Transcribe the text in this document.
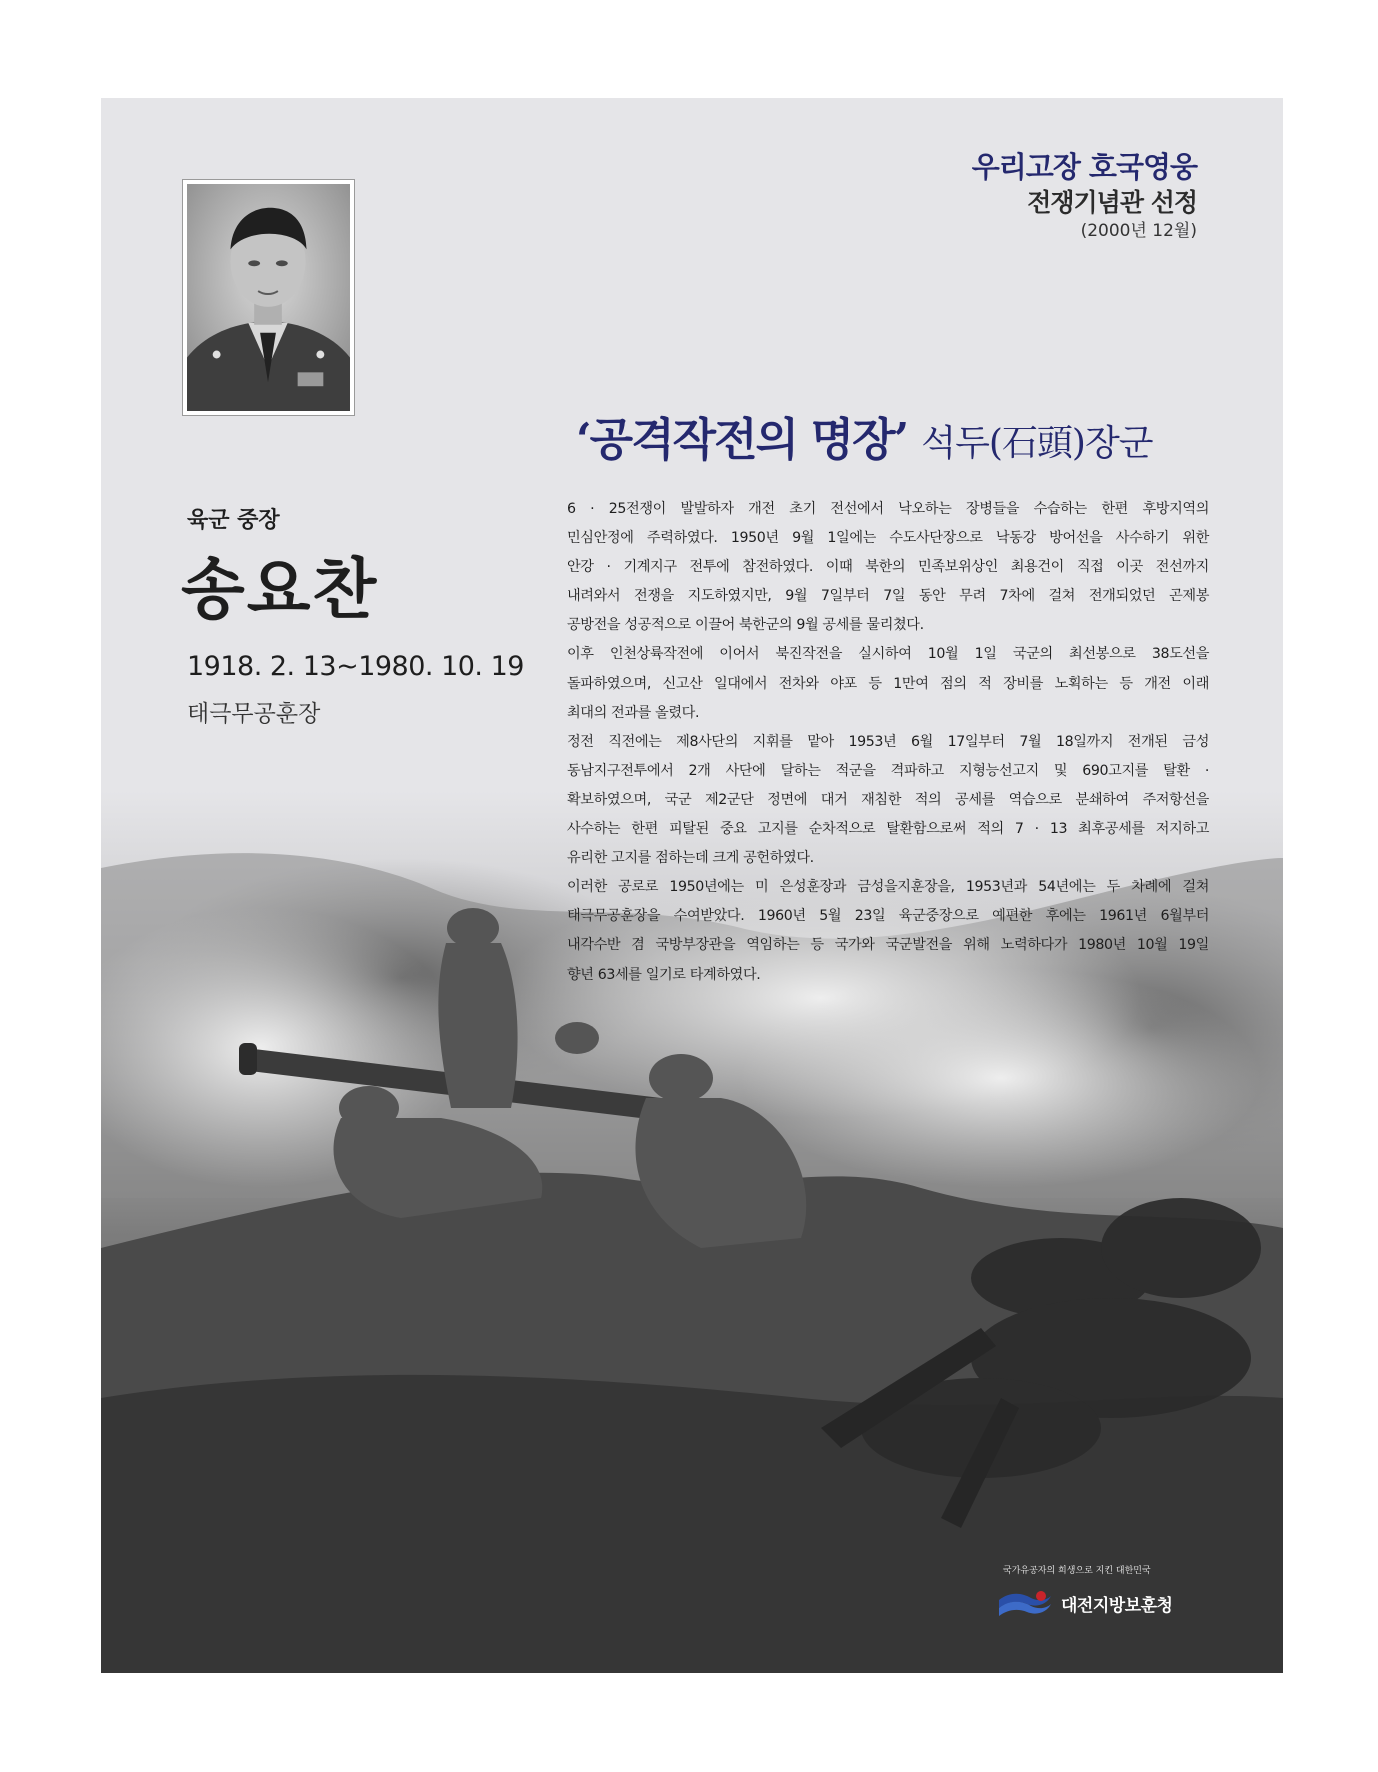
우리고장 호국영웅
전쟁기념관 선정
(2000년 12월)
‘공격작전의 명장’ 석두(石頭)장군
육군 중장
송요찬
1918. 2. 13~1980. 10. 19
태극무공훈장
6 · 25전쟁이 발발하자 개전 초기 전선에서 낙오하는 장병들을 수습하는 한편 후방지역의
민심안정에 주력하였다. 1950년 9월 1일에는 수도사단장으로 낙동강 방어선을 사수하기 위한
안강 · 기계지구 전투에 참전하였다. 이때 북한의 민족보위상인 최용건이 직접 이곳 전선까지
내려와서 전쟁을 지도하였지만, 9월 7일부터 7일 동안 무려 7차에 걸쳐 전개되었던 곤제봉
공방전을 성공적으로 이끌어 북한군의 9월 공세를 물리쳤다.
이후 인천상륙작전에 이어서 북진작전을 실시하여 10월 1일 국군의 최선봉으로 38도선을
돌파하였으며, 신고산 일대에서 전차와 야포 등 1만여 점의 적 장비를 노획하는 등 개전 이래
최대의 전과를 올렸다.
정전 직전에는 제8사단의 지휘를 맡아 1953년 6월 17일부터 7월 18일까지 전개된 금성
동남지구전투에서 2개 사단에 달하는 적군을 격파하고 지형능선고지 및 690고지를 탈환 ·
확보하였으며, 국군 제2군단 정면에 대거 재침한 적의 공세를 역습으로 분쇄하여 주저항선을
사수하는 한편 피탈된 중요 고지를 순차적으로 탈환함으로써 적의 7 · 13 최후공세를 저지하고
유리한 고지를 점하는데 크게 공헌하였다.
이러한 공로로 1950년에는 미 은성훈장과 금성을지훈장을, 1953년과 54년에는 두 차례에 걸쳐
태극무공훈장을 수여받았다. 1960년 5월 23일 육군중장으로 예편한 후에는 1961년 6월부터
내각수반 겸 국방부장관을 역임하는 등 국가와 국군발전을 위해 노력하다가 1980년 10월 19일
향년 63세를 일기로 타계하였다.
국가유공자의 희생으로 지킨 대한민국
대전지방보훈청
